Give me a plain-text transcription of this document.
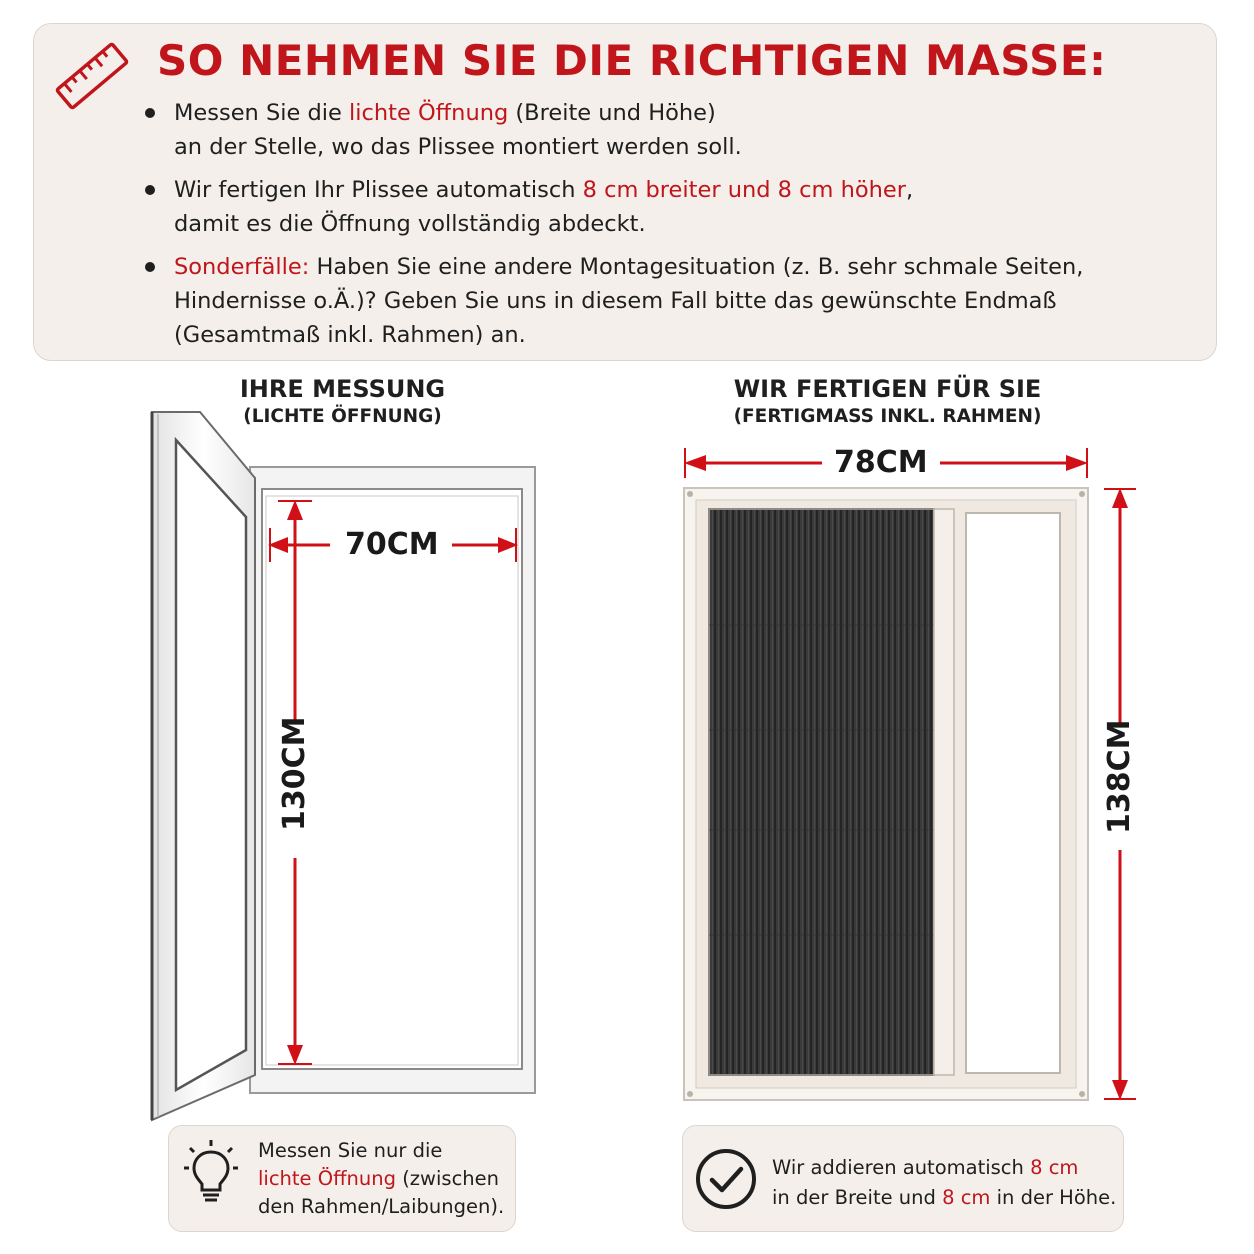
SO NEHMEN SIE DIE RICHTIGEN MASSE:
Messen Sie die lichte Öffnung (Breite und Höhe)
an der Stelle, wo das Plissee montiert werden soll.
Wir fertigen Ihr Plissee automatisch 8 cm breiter und 8 cm höher,
damit es die Öffnung vollständig abdeckt.
Sonderfälle: Haben Sie eine andere Montagesituation (z. B. sehr schmale Seiten,
Hindernisse o.Ä.)? Geben Sie uns in diesem Fall bitte das gewünschte Endmaß
(Gesamtmaß inkl. Rahmen) an.
IHRE MESSUNG
(LICHTE ÖFFNUNG)
70CM
130CM
Messen Sie nur die
lichte Öffnung (zwischen
den Rahmen/Laibungen).
WIR FERTIGEN FÜR SIE
(FERTIGMASS INKL. RAHMEN)
78CM
138CM
Wir addieren automatisch 8 cm
in der Breite und 8 cm in der Höhe.
